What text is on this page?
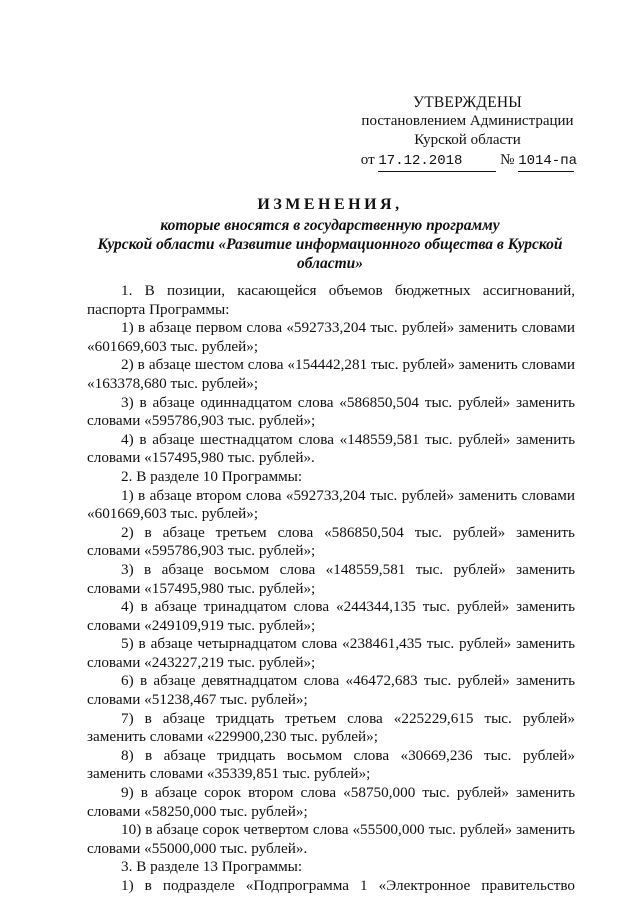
УТВЕРЖДЕНЫ
постановлением Администрации
Курской области
от 17.12.2018	№ 1014-па
ИЗМЕНЕНИЯ,
которые вносятся в государственную программу
Курской области «Развитие информационного общества в Курской
области»

1. В позиции, касающейся объемов бюджетных ассигнований, паспорта Программы:

1) в абзаце первом слова «592733,204 тыс. рублей» заменить словами «601669,603 тыс. рублей»;

2) в абзаце шестом слова «154442,281 тыс. рублей» заменить словами «163378,680 тыс. рублей»;

3) в абзаце одиннадцатом слова «586850,504 тыс. рублей» заменить словами «595786,903 тыс. рублей»;

4) в абзаце шестнадцатом слова «148559,581 тыс. рублей» заменить словами «157495,980 тыс. рублей».

2. В разделе 10 Программы:

1) в абзаце втором слова «592733,204 тыс. рублей» заменить словами «601669,603 тыс. рублей»;

2) в абзаце третьем слова «586850,504 тыс. рублей» заменить словами «595786,903 тыс. рублей»;

3) в абзаце восьмом слова «148559,581 тыс. рублей» заменить словами «157495,980 тыс. рублей»;

4) в абзаце тринадцатом слова «244344,135 тыс. рублей» заменить словами «249109,919 тыс. рублей»;

5) в абзаце четырнадцатом слова «238461,435 тыс. рублей» заменить словами «243227,219 тыс. рублей»;

6) в абзаце девятнадцатом слова «46472,683 тыс. рублей» заменить словами «51238,467 тыс. рублей»;

7) в абзаце тридцать третьем слова «225229,615 тыс. рублей» заменить словами «229900,230 тыс. рублей»;

8) в абзаце тридцать восьмом слова «30669,236 тыс. рублей» заменить словами «35339,851 тыс. рублей»;

9) в абзаце сорок втором слова «58750,000 тыс. рублей» заменить словами «58250,000 тыс. рублей»;

10) в абзаце сорок четвертом слова «55500,000 тыс. рублей» заменить словами «55000,000 тыс. рублей».

3. В разделе 13 Программы:

1) в подразделе «Подпрограмма 1 «Электронное правительство
